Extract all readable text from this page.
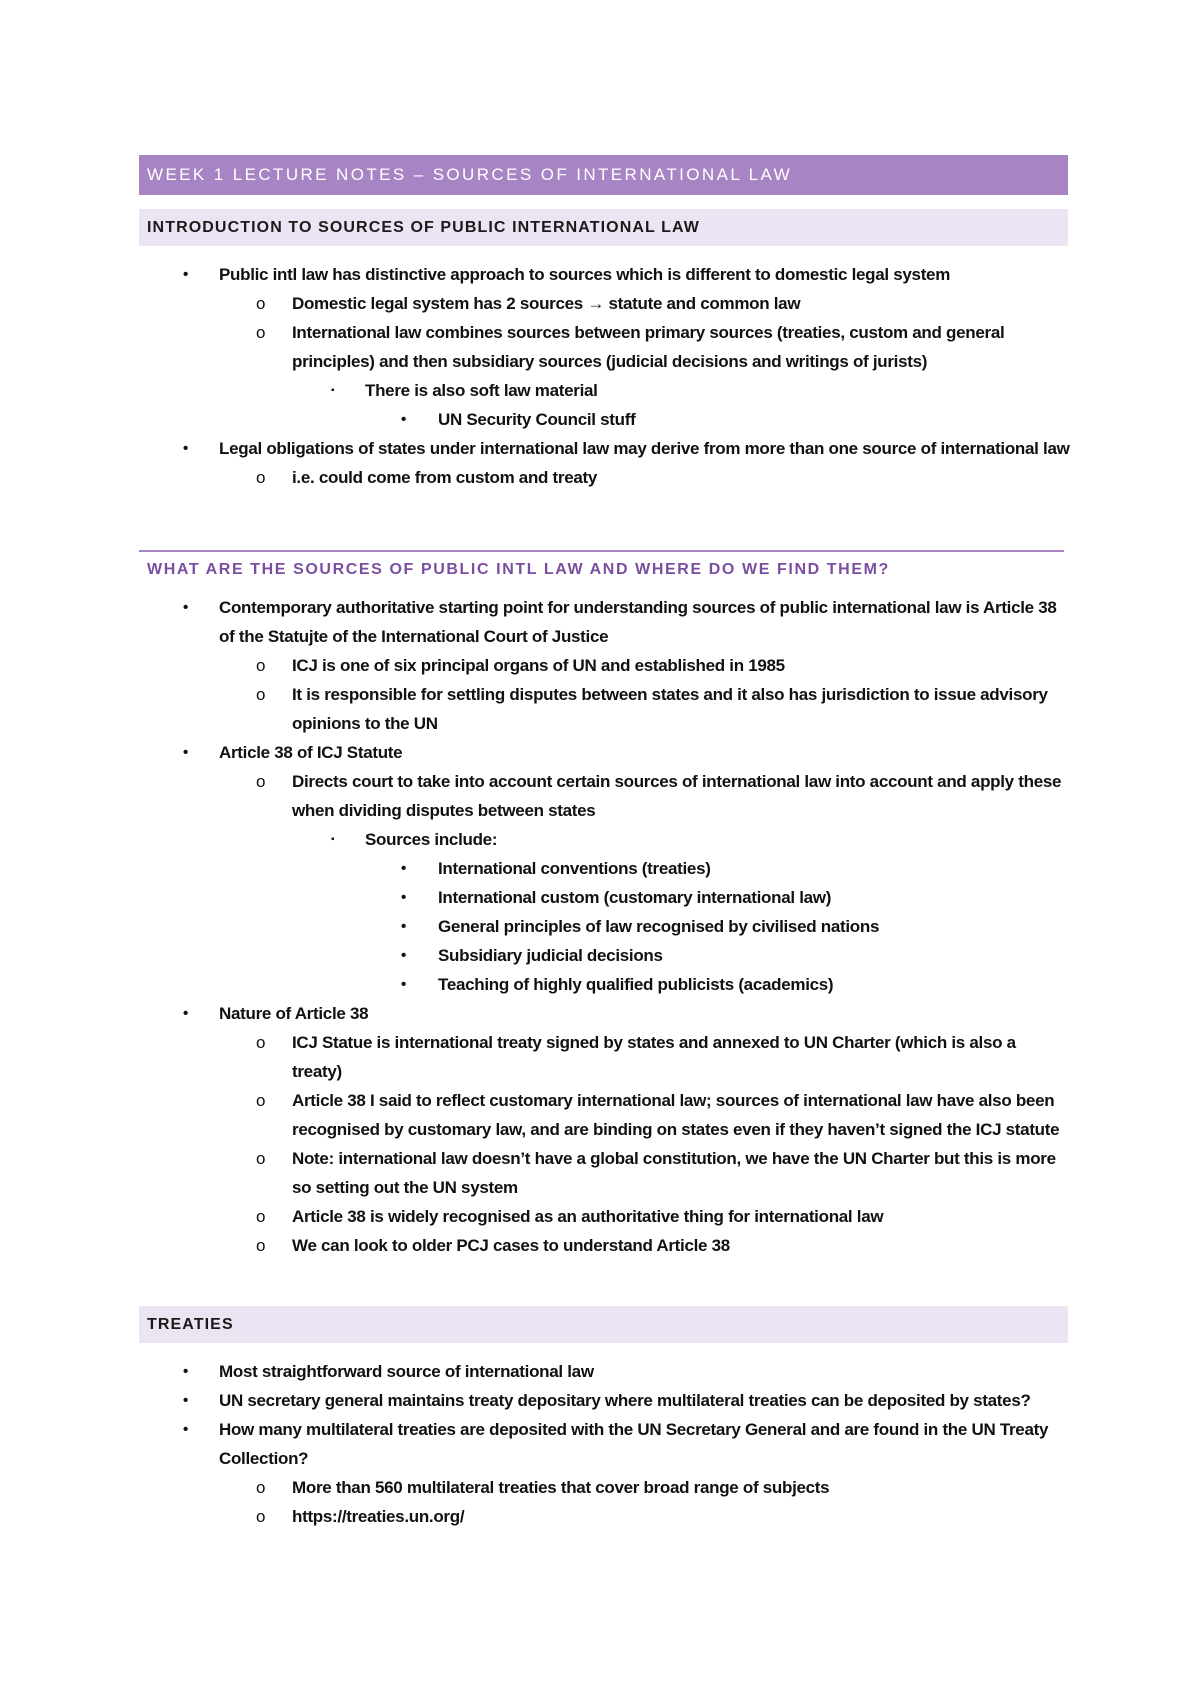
WEEK 1 LECTURE NOTES – SOURCES OF INTERNATIONAL LAW
INTRODUCTION TO SOURCES OF PUBLIC INTERNATIONAL LAW
• Public intl law has distinctive approach to sources which is different to domestic legal system
o Domestic legal system has 2 sources → statute and common law
o International law combines sources between primary sources (treaties, custom and general principles) and then subsidiary sources (judicial decisions and writings of jurists)
▪ There is also soft law material
• UN Security Council stuff
• Legal obligations of states under international law may derive from more than one source of international law
o i.e. could come from custom and treaty
WHAT ARE THE SOURCES OF PUBLIC INTL LAW AND WHERE DO WE FIND THEM?
• Contemporary authoritative starting point for understanding sources of public international law is Article 38 of the Statujte of the International Court of Justice
o ICJ is one of six principal organs of UN and established in 1985
o It is responsible for settling disputes between states and it also has jurisdiction to issue advisory opinions to the UN
• Article 38 of ICJ Statute
o Directs court to take into account certain sources of international law into account and apply these when dividing disputes between states
▪ Sources include:
• International conventions (treaties)
• International custom (customary international law)
• General principles of law recognised by civilised nations
• Subsidiary judicial decisions
• Teaching of highly qualified publicists (academics)
• Nature of Article 38
o ICJ Statue is international treaty signed by states and annexed to UN Charter (which is also a treaty)
o Article 38 I said to reflect customary international law; sources of international law have also been recognised by customary law, and are binding on states even if they haven’t signed the ICJ statute
o Note: international law doesn’t have a global constitution, we have the UN Charter but this is more so setting out the UN system
o Article 38 is widely recognised as an authoritative thing for international law
o We can look to older PCJ cases to understand Article 38
TREATIES
• Most straightforward source of international law
• UN secretary general maintains treaty depositary where multilateral treaties can be deposited by states?
• How many multilateral treaties are deposited with the UN Secretary General and are found in the UN Treaty Collection?
o More than 560 multilateral treaties that cover broad range of subjects
o https://treaties.un.org/
